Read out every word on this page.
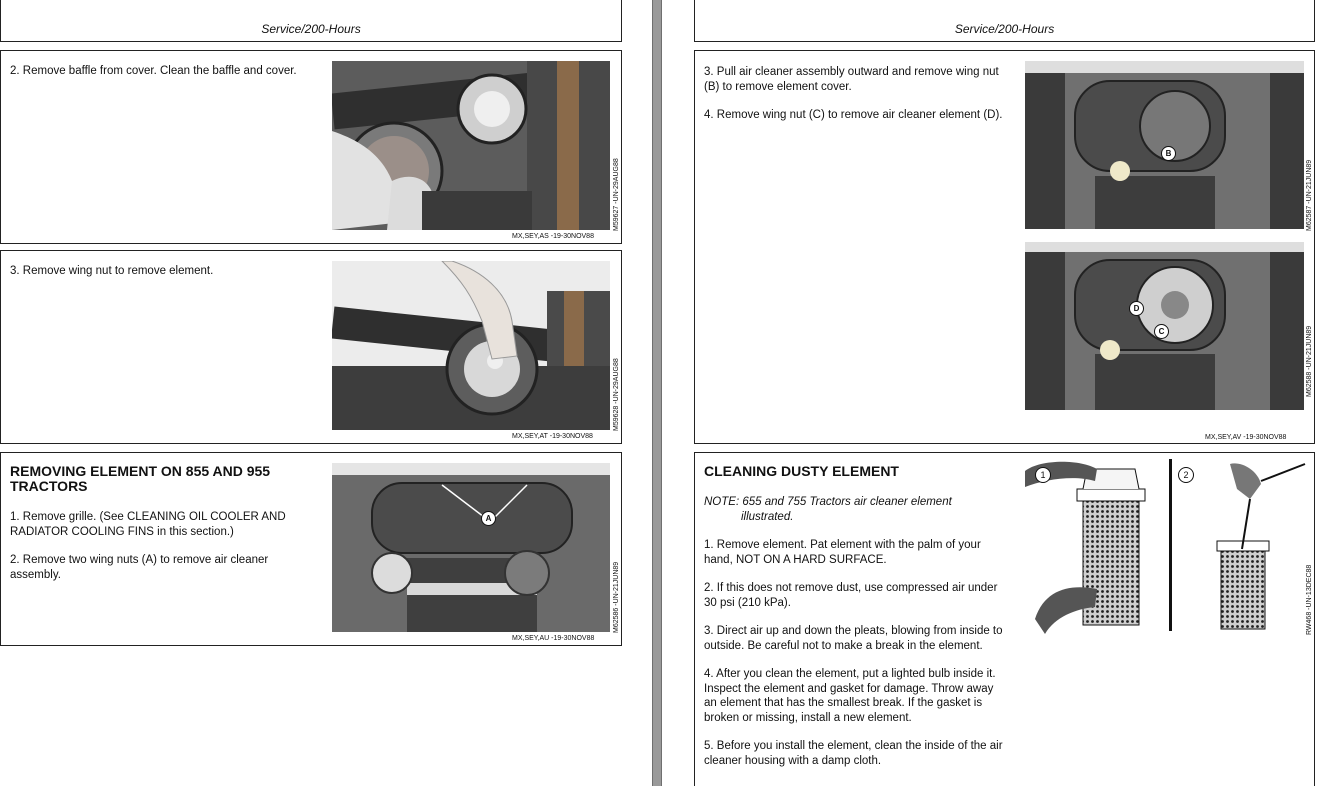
Service/200-Hours
2. Remove baffle from cover. Clean the baffle and cover.
M59627 -UN-29AUG88
MX,SEY,AS -19-30NOV88
3. Remove wing nut to remove element.
M59628 -UN-29AUG88
MX,SEY,AT -19-30NOV88
REMOVING ELEMENT ON 855 AND 955 TRACTORS

1. Remove grille. (See CLEANING OIL COOLER AND RADIATOR COOLING FINS in this section.)

2. Remove two wing nuts (A) to remove air cleaner assembly.

A
M62586 -UN-21JUN89
MX,SEY,AU -19-30NOV88
Service/200-Hours

3. Pull air cleaner assembly outward and remove wing nut (B) to remove element cover.

4. Remove wing nut (C) to remove air cleaner element (D).

B
D
C
M62587 -UN-21JUN89
M62588 -UN-21JUN89
MX,SEY,AV -19-30NOV88
CLEANING DUSTY ELEMENT

NOTE: 655 and 755 Tractors air cleaner element
illustrated.

1. Remove element. Pat element with the palm of your hand, NOT ON A HARD SURFACE.

2. If this does not remove dust, use compressed air under 30 psi (210 kPa).

3. Direct air up and down the pleats, blowing from inside to outside. Be careful not to make a break in the element.

4. After you clean the element, put a lighted bulb inside it. Inspect the element and gasket for damage. Throw away an element that has the smallest break. If the gasket is broken or missing, install a new element.

5. Before you install the element, clean the inside of the air cleaner housing with a damp cloth.

1	2
RW468 -UN-13DEC88
